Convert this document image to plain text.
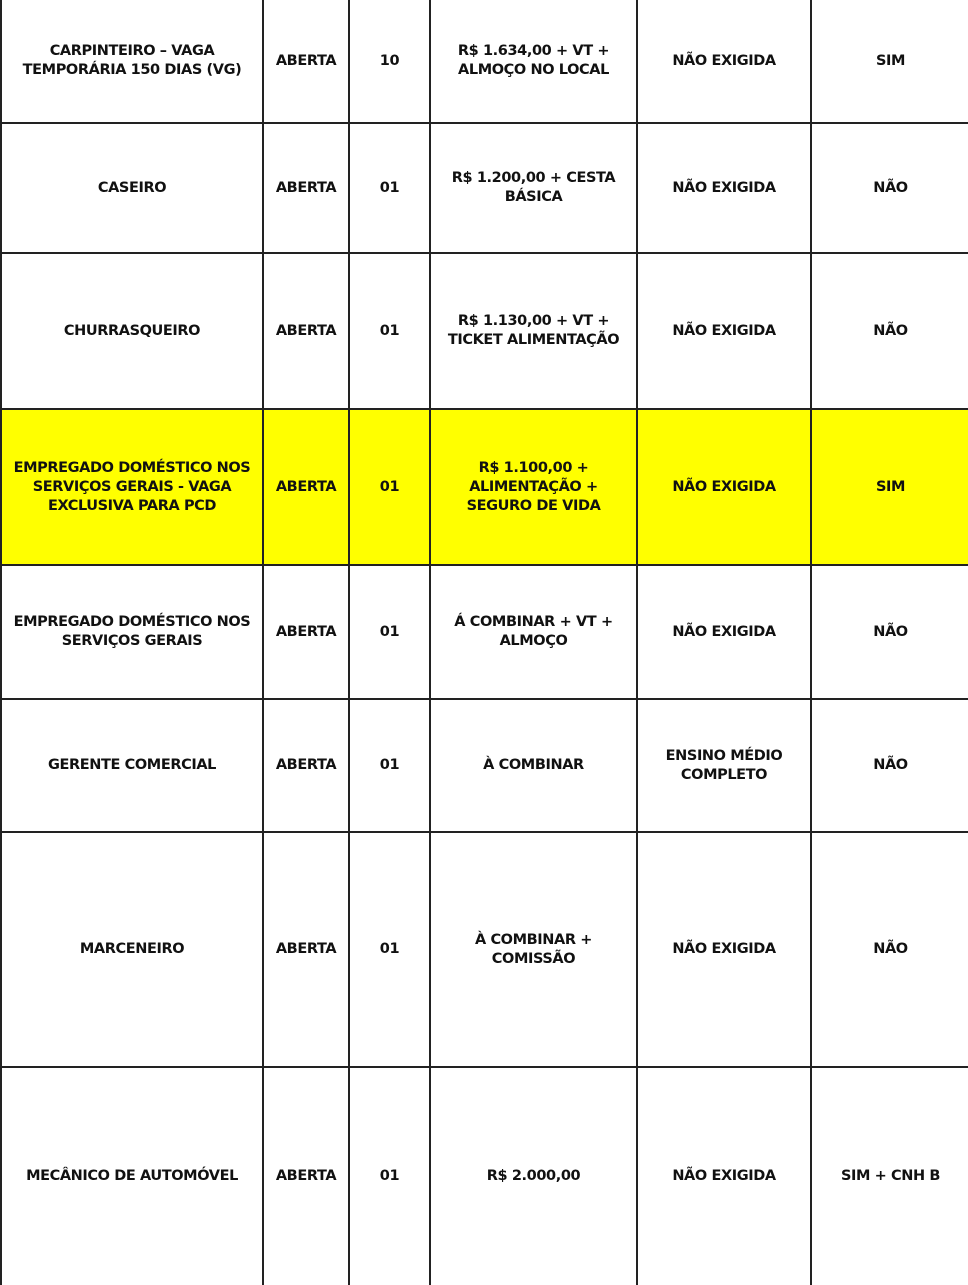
CARPINTEIRO – VAGA TEMPORÁRIA 150 DIAS (VG)	ABERTA	10	R$ 1.634,00 + VT + ALMOÇO NO LOCAL	NÃO EXIGIDA	SIM
CASEIRO	ABERTA	01	R$ 1.200,00 + CESTA BÁSICA	NÃO EXIGIDA	NÃO
CHURRASQUEIRO	ABERTA	01	R$ 1.130,00 + VT + TICKET ALIMENTAÇÃO	NÃO EXIGIDA	NÃO
EMPREGADO DOMÉSTICO NOS SERVIÇOS GERAIS - VAGA EXCLUSIVA PARA PCD	ABERTA	01	R$ 1.100,00 + ALIMENTAÇÃO + SEGURO DE VIDA	NÃO EXIGIDA	SIM
EMPREGADO DOMÉSTICO NOS SERVIÇOS GERAIS	ABERTA	01	Á COMBINAR + VT + ALMOÇO	NÃO EXIGIDA	NÃO
GERENTE COMERCIAL	ABERTA	01	À COMBINAR	ENSINO MÉDIO COMPLETO	NÃO
MARCENEIRO	ABERTA	01	À COMBINAR + COMISSÃO	NÃO EXIGIDA	NÃO
MECÂNICO DE AUTOMÓVEL	ABERTA	01	R$ 2.000,00	NÃO EXIGIDA	SIM + CNH B
